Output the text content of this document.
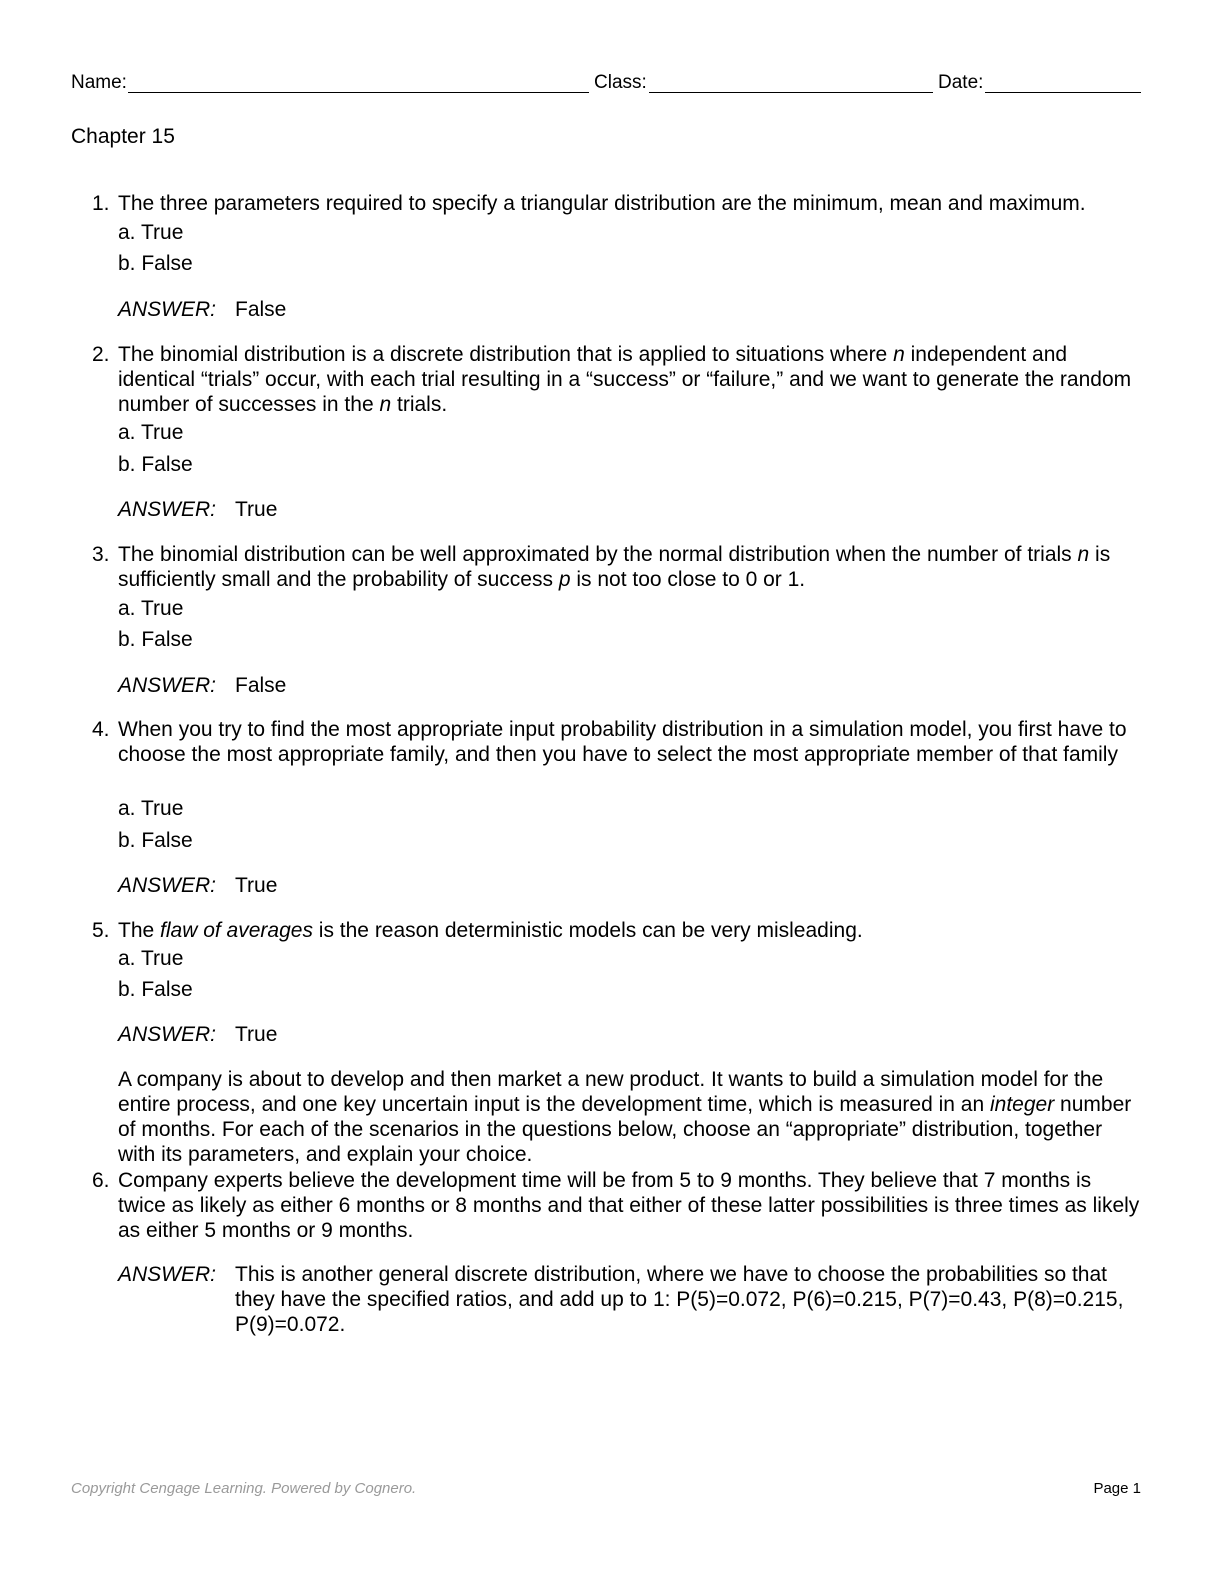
Name:	Class:	Date:
Chapter 15
1. The three parameters required to specify a triangular distribution are the minimum, mean and maximum.
a. True
b. False
ANSWER: False
2. The binomial distribution is a discrete distribution that is applied to situations where n independent and identical “trials” occur, with each trial resulting in a “success” or “failure,” and we want to generate the random number of successes in the n trials.
a. True
b. False
ANSWER: True
3. The binomial distribution can be well approximated by the normal distribution when the number of trials n is sufficiently small and the probability of success p is not too close to 0 or 1.
a. True
b. False
ANSWER: False
4. When you try to find the most appropriate input probability distribution in a simulation model, you first have to choose the most appropriate family, and then you have to select the most appropriate member of that family
a. True
b. False
ANSWER: True
5. The flaw of averages is the reason deterministic models can be very misleading.
a. True
b. False
ANSWER: True
A company is about to develop and then market a new product. It wants to build a simulation model for the entire process, and one key uncertain input is the development time, which is measured in an integer number of months. For each of the scenarios in the questions below, choose an “appropriate” distribution, together with its parameters, and explain your choice.
6. Company experts believe the development time will be from 5 to 9 months. They believe that 7 months is twice as likely as either 6 months or 8 months and that either of these latter possibilities is three times as likely as either 5 months or 9 months.
ANSWER: This is another general discrete distribution, where we have to choose the probabilities so that they have the specified ratios, and add up to 1: P(5)=0.072, P(6)=0.215, P(7)=0.43, P(8)=0.215, P(9)=0.072.
Copyright Cengage Learning. Powered by Cognero.	Page 1
